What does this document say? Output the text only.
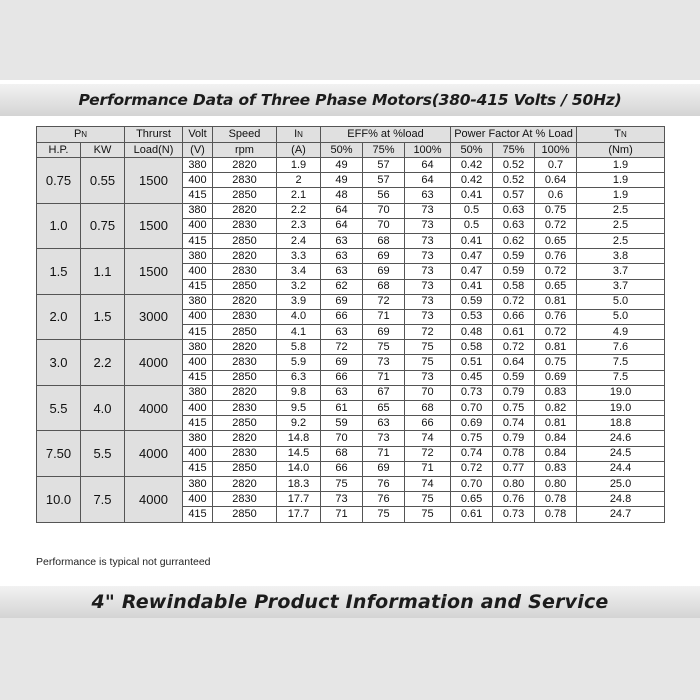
Performance Data of Three Phase Motors(380-415 Volts / 50Hz)
PN		Thrurst	Volt	Speed	IN	EFF% at %load			Power Factor At % Load			TN
H.P.	KW	Load(N)	(V)	rpm	(A)	50%	75%	100%	50%	75%	100%	(Nm)
0.75	0.55	1500	380	2820	1.9	49	57	64	0.42	0.52	0.7	1.9
			400	2830	2	49	57	64	0.42	0.52	0.64	1.9
			415	2850	2.1	48	56	63	0.41	0.57	0.6	1.9
1.0	0.75	1500	380	2820	2.2	64	70	73	0.5	0.63	0.75	2.5
			400	2830	2.3	64	70	73	0.5	0.63	0.72	2.5
			415	2850	2.4	63	68	73	0.41	0.62	0.65	2.5
1.5	1.1	1500	380	2820	3.3	63	69	73	0.47	0.59	0.76	3.8
			400	2830	3.4	63	69	73	0.47	0.59	0.72	3.7
			415	2850	3.2	62	68	73	0.41	0.58	0.65	3.7
2.0	1.5	3000	380	2820	3.9	69	72	73	0.59	0.72	0.81	5.0
			400	2830	4.0	66	71	73	0.53	0.66	0.76	5.0
			415	2850	4.1	63	69	72	0.48	0.61	0.72	4.9
3.0	2.2	4000	380	2820	5.8	72	75	75	0.58	0.72	0.81	7.6
			400	2830	5.9	69	73	75	0.51	0.64	0.75	7.5
			415	2850	6.3	66	71	73	0.45	0.59	0.69	7.5
5.5	4.0	4000	380	2820	9.8	63	67	70	0.73	0.79	0.83	19.0
			400	2830	9.5	61	65	68	0.70	0.75	0.82	19.0
			415	2850	9.2	59	63	66	0.69	0.74	0.81	18.8
7.50	5.5	4000	380	2820	14.8	70	73	74	0.75	0.79	0.84	24.6
			400	2830	14.5	68	71	72	0.74	0.78	0.84	24.5
			415	2850	14.0	66	69	71	0.72	0.77	0.83	24.4
10.0	7.5	4000	380	2820	18.3	75	76	74	0.70	0.80	0.80	25.0
			400	2830	17.7	73	76	75	0.65	0.76	0.78	24.8
			415	2850	17.7	71	75	75	0.61	0.73	0.78	24.7
Performance is typical not gurranteed
4" Rewindable Product Information and Service
